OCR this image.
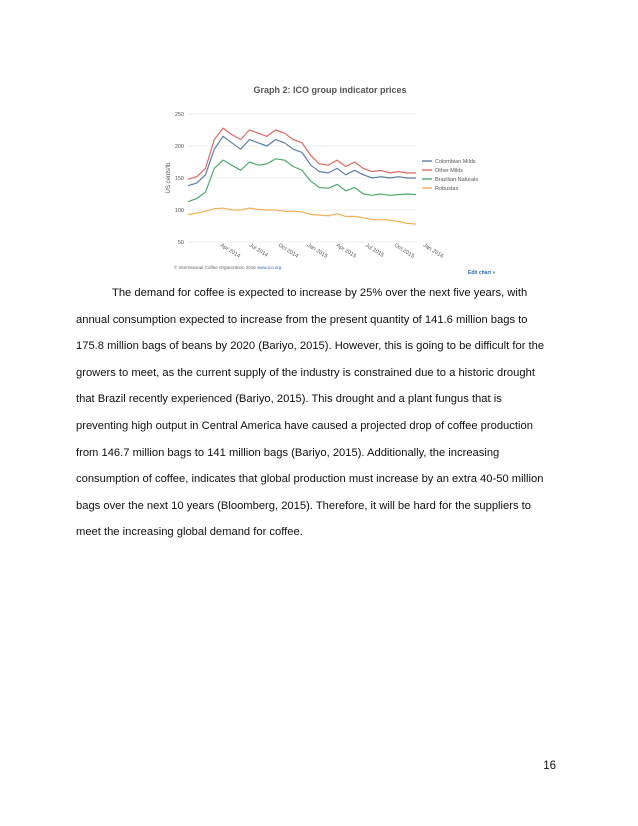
Graph 2: ICO group indicator prices
50
100
150
200
250
US cents/lb
Apr 2014 Jul 2014 Oct 2014 Jan 2015 Apr 2015 Jul 2015 Oct 2015 Jan 2016
Colombian Milds
Other Milds
Brazilian Naturals
Robustas
© International Coffee Organization 2016 www.ico.org
Edit chart »
The demand for coffee is expected to increase by 25% over the next five years, with
annual consumption expected to increase from the present quantity of 141.6 million bags to
175.8 million bags of beans by 2020 (Bariyo, 2015). However, this is going to be difficult for the
growers to meet, as the current supply of the industry is constrained due to a historic drought
that Brazil recently experienced (Bariyo, 2015). This drought and a plant fungus that is
preventing high output in Central America have caused a projected drop of coffee production
from 146.7 million bags to 141 million bags (Bariyo, 2015). Additionally, the increasing
consumption of coffee, indicates that global production must increase by an extra 40-50 million
bags over the next 10 years (Bloomberg, 2015). Therefore, it will be hard for the suppliers to
meet the increasing global demand for coffee.
16
